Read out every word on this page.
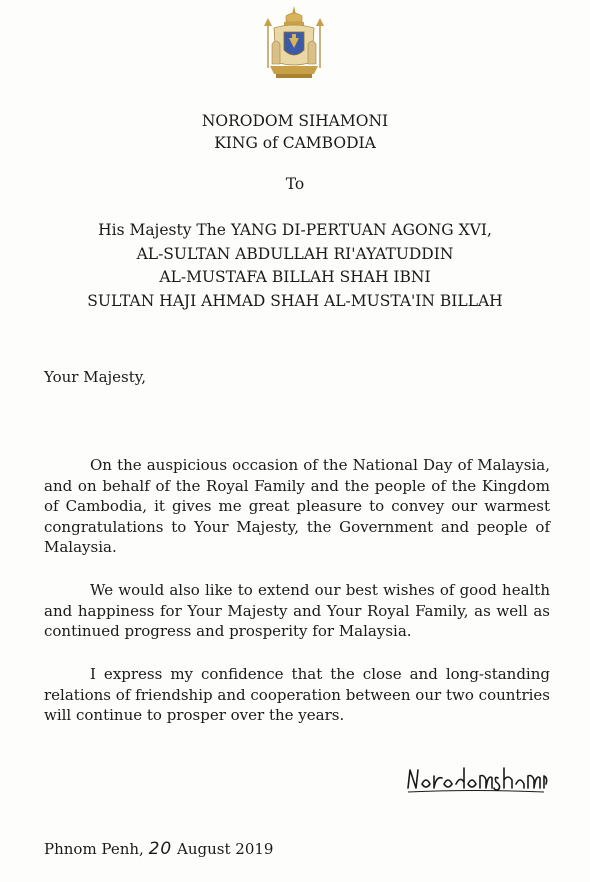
NORODOM SIHAMONI
KING of CAMBODIA
To
His Majesty The YANG DI-PERTUAN AGONG XVI,
AL-SULTAN ABDULLAH RI'AYATUDDIN
AL-MUSTAFA BILLAH SHAH IBNI
SULTAN HAJI AHMAD SHAH AL-MUSTA'IN BILLAH
Your Majesty,

On the auspicious occasion of the National Day of Malaysia, and on behalf of the Royal Family and the people of the Kingdom of Cambodia, it gives me great pleasure to convey our warmest congratulations to Your Majesty, the Government and people of Malaysia.

We would also like to extend our best wishes of good health and happiness for Your Majesty and Your Royal Family, as well as continued progress and prosperity for Malaysia.

I express my confidence that the close and long-standing relations of friendship and cooperation between our two countries will continue to prosper over the years.

Phnom Penh, 20 August 2019
